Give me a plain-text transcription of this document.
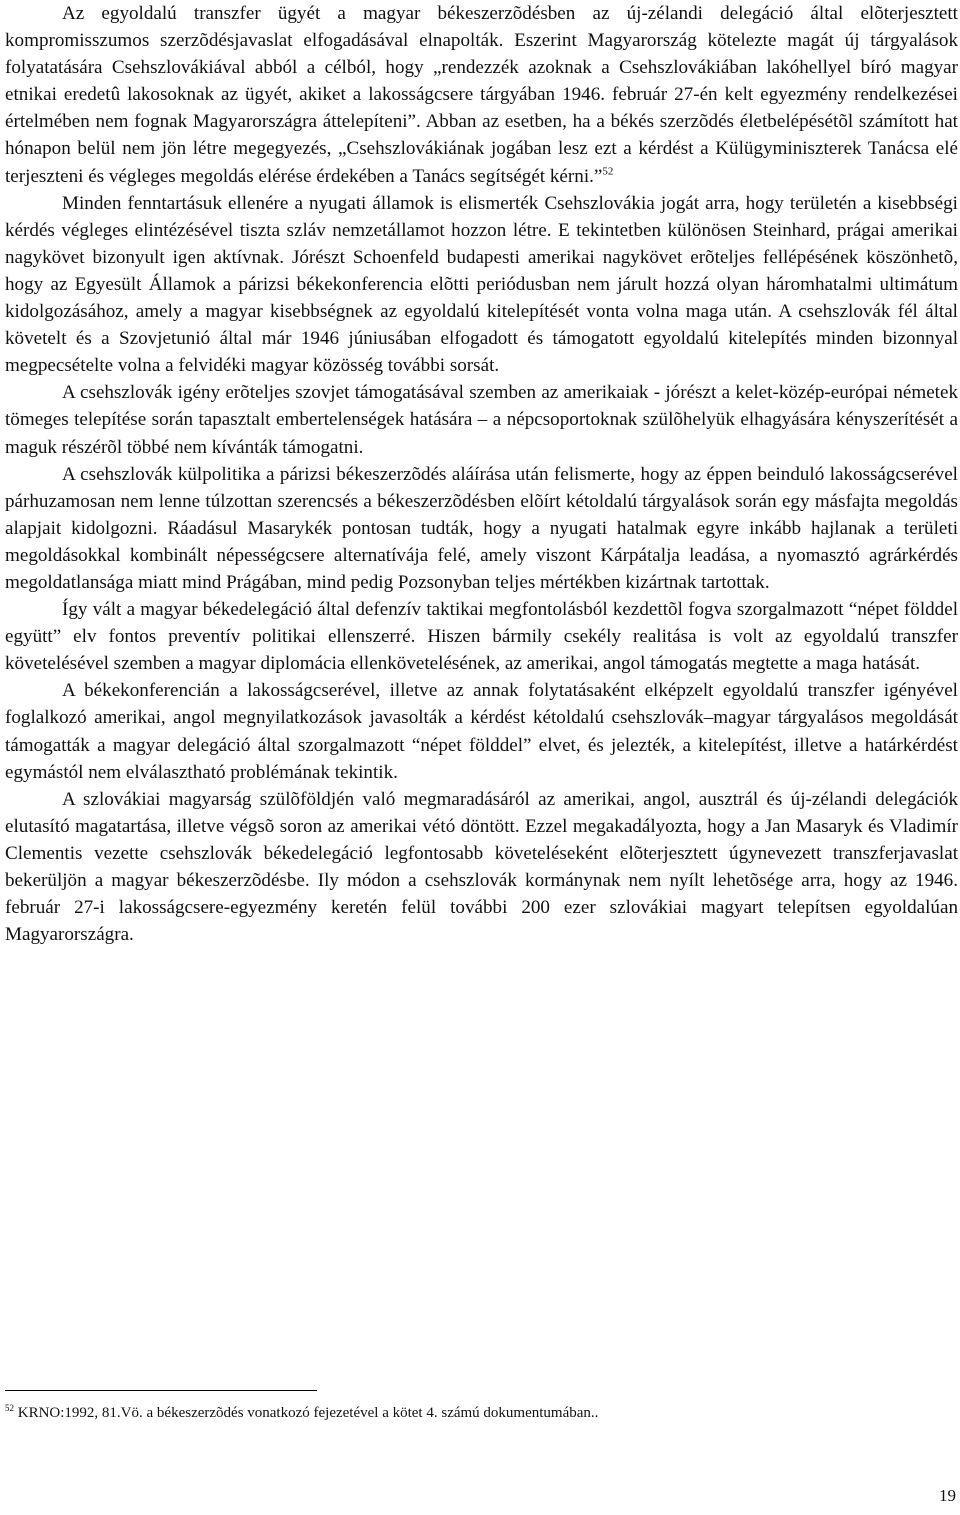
Az egyoldalú transzfer ügyét a magyar békeszerzõdésben az új-zélandi delegáció által elõterjesztett kompromisszumos szerzõdésjavaslat elfogadásával elnapolták. Eszerint Magyarország kötelezte magát új tárgyalások folyatatására Csehszlovákiával abból a célból, hogy „rendezzék azoknak a Csehszlovákiában lakóhellyel bíró magyar etnikai eredetû lakosoknak az ügyét, akiket a lakosságcsere tárgyában 1946. február 27-én kelt egyezmény rendelkezései értelmében nem fognak Magyarországra áttelepíteni”. Abban az esetben, ha a békés szerzõdés életbelépésétõl számított hat hónapon belül nem jön létre megegyezés, „Csehszlovákiának jogában lesz ezt a kérdést a Külügyminiszterek Tanácsa elé terjeszteni és végleges megoldás elérése érdekében a Tanács segítségét kérni.”$^{52}$

Minden fenntartásuk ellenére a nyugati államok is elismerték Csehszlovákia jogát arra, hogy területén a kisebbségi kérdés végleges elintézésével tiszta szláv nemzetállamot hozzon létre. E tekintetben különösen Steinhard, prágai amerikai nagykövet bizonyult igen aktívnak. Jórészt Schoenfeld budapesti amerikai nagykövet erõteljes fellépésének köszönhetõ, hogy az Egyesült Államok a párizsi békekonferencia elõtti periódusban nem járult hozzá olyan háromhatalmi ultimátum kidolgozásához, amely a magyar kisebbségnek az egyoldalú kitelepítését vonta volna maga után. A csehszlovák fél által követelt és a Szovjetunió által már 1946 júniusában elfogadott és támogatott egyoldalú kitelepítés minden bizonnyal megpecsételte volna a felvidéki magyar közösség további sorsát.

A csehszlovák igény erõteljes szovjet támogatásával szemben az amerikaiak - jórészt a kelet-közép-európai németek tömeges telepítése során tapasztalt embertelenségek hatására – a népcsoportoknak szülõhelyük elhagyására kényszerítését a maguk részérõl többé nem kívánták támogatni.

A csehszlovák külpolitika a párizsi békeszerzõdés aláírása után felismerte, hogy az éppen beinduló lakosságcserével párhuzamosan nem lenne túlzottan szerencsés a békeszerzõdésben elõírt kétoldalú tárgyalások során egy másfajta megoldás alapjait kidolgozni. Ráadásul Masarykék pontosan tudták, hogy a nyugati hatalmak egyre inkább hajlanak a területi megoldásokkal kombinált népességcsere alternatívája felé, amely viszont Kárpátalja leadása, a nyomasztó agrárkérdés megoldatlansága miatt mind Prágában, mind pedig Pozsonyban teljes mértékben kizártnak tartottak.

Így vált a magyar békedelegáció által defenzív taktikai megfontolásból kezdettõl fogva szorgalmazott “népet földdel együtt” elv fontos preventív politikai ellenszerré. Hiszen bármily csekély realitása is volt az egyoldalú transzfer követelésével szemben a magyar diplomácia ellenkövetelésének, az amerikai, angol támogatás megtette a maga hatását.

A békekonferencián a lakosságcserével, illetve az annak folytatásaként elképzelt egyoldalú transzfer igényével foglalkozó amerikai, angol megnyilatkozások javasolták a kérdést kétoldalú csehszlovák–magyar tárgyalásos megoldását támogatták a magyar delegáció által szorgalmazott “népet földdel” elvet, és jelezték, a kitelepítést, illetve a határkérdést egymástól nem elválasztható problémának tekintik.

A szlovákiai magyarság szülõföldjén való megmaradásáról az amerikai, angol, ausztrál és új-zélandi delegációk elutasító magatartása, illetve végsõ soron az amerikai vétó döntött. Ezzel megakadályozta, hogy a Jan Masaryk és Vladimír Clementis vezette csehszlovák békedelegáció legfontosabb követeléseként elõterjesztett úgynevezett transzferjavaslat bekerüljön a magyar békeszerzõdésbe. Ily módon a csehszlovák kormánynak nem nyílt lehetõsége arra, hogy az 1946. február 27-i lakosságcsere-egyezmény keretén felül további 200 ezer szlovákiai magyart telepítsen egyoldalúan Magyarországra.

$^{52}$ KRNO:1992, 81.Vö. a békeszerzõdés vonatkozó fejezetével a kötet 4. számú dokumentumában..
19
